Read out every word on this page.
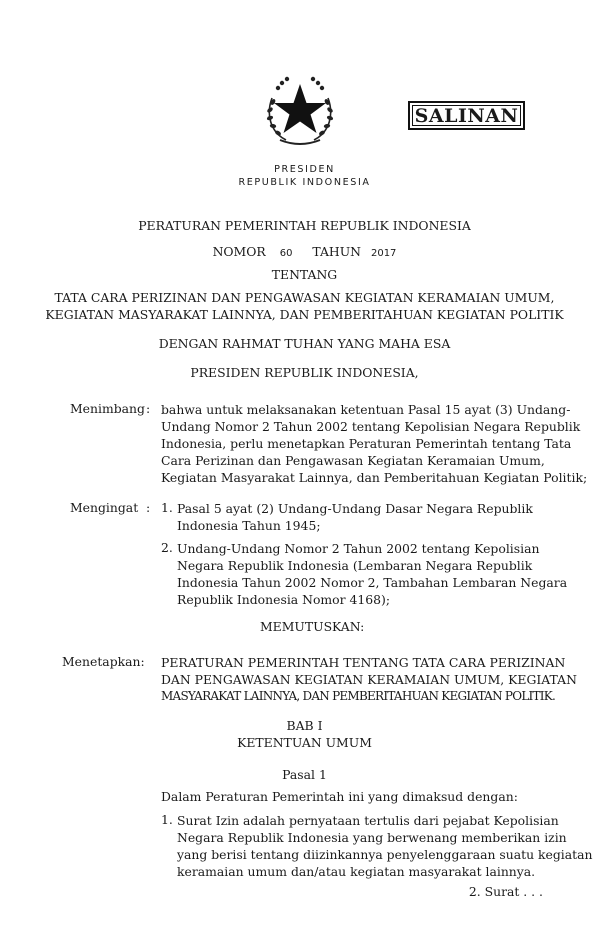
SALINAN
PRESIDEN
REPUBLIK INDONESIA
PERATURAN PEMERINTAH REPUBLIK INDONESIA
NOMOR 60 TAHUN 2017
TENTANG
TATA CARA PERIZINAN DAN PENGAWASAN KEGIATAN KERAMAIAN UMUM,
KEGIATAN MASYARAKAT LAINNYA, DAN PEMBERITAHUAN KEGIATAN POLITIK
DENGAN RAHMAT TUHAN YANG MAHA ESA
PRESIDEN REPUBLIK INDONESIA,
Menimbang : bahwa untuk melaksanakan ketentuan Pasal 15 ayat (3) Undang-
Undang Nomor 2 Tahun 2002 tentang Kepolisian Negara Republik
Indonesia, perlu menetapkan Peraturan Pemerintah tentang Tata
Cara Perizinan dan Pengawasan Kegiatan Keramaian Umum,
Kegiatan Masyarakat Lainnya, dan Pemberitahuan Kegiatan Politik;
Mengingat : 1. Pasal 5 ayat (2) Undang-Undang Dasar Negara Republik
Indonesia Tahun 1945;
2. Undang-Undang Nomor 2 Tahun 2002 tentang Kepolisian
Negara Republik Indonesia (Lembaran Negara Republik
Indonesia Tahun 2002 Nomor 2, Tambahan Lembaran Negara
Republik Indonesia Nomor 4168);
MEMUTUSKAN:
Menetapkan: PERATURAN PEMERINTAH TENTANG TATA CARA PERIZINAN
DAN PENGAWASAN KEGIATAN KERAMAIAN UMUM, KEGIATAN
MASYARAKAT LAINNYA, DAN PEMBERITAHUAN KEGIATAN POLITIK.
BAB I
KETENTUAN UMUM
Pasal 1
Dalam Peraturan Pemerintah ini yang dimaksud dengan:
1. Surat Izin adalah pernyataan tertulis dari pejabat Kepolisian
Negara Republik Indonesia yang berwenang memberikan izin
yang berisi tentang diizinkannya penyelenggaraan suatu kegiatan
keramaian umum dan/atau kegiatan masyarakat lainnya.
2. Surat . . .
